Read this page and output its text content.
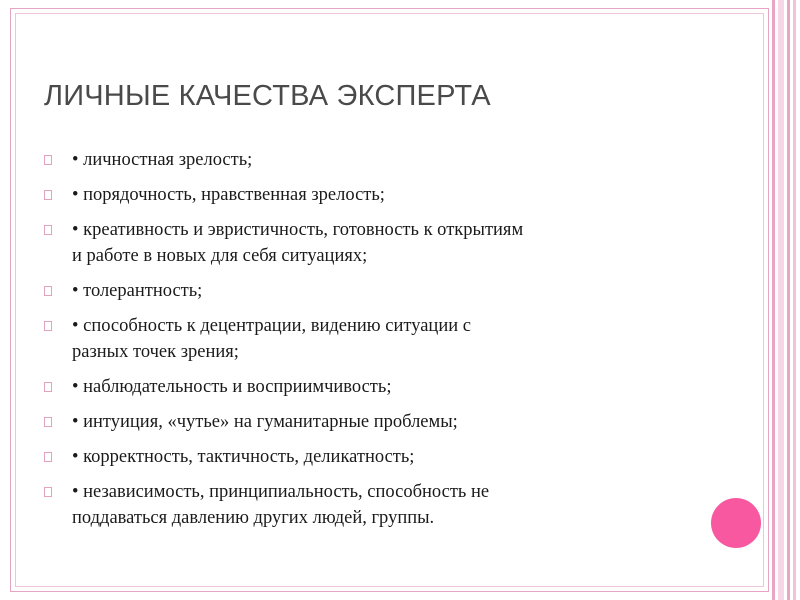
ЛИЧНЫЕ КАЧЕСТВА ЭКСПЕРТА
• личностная зрелость;
• порядочность, нравственная зрелость;
• креативность и эвристичность, готовность к открытиям
и работе в новых для себя ситуациях;
• толерантность;
• способность к децентрации, видению ситуации с
разных точек зрения;
• наблюдательность и восприимчивость;
• интуиция, «чутье» на гуманитарные проблемы;
• корректность, тактичность, деликатность;
• независимость, принципиальность, способность не
поддаваться давлению других людей, группы.
